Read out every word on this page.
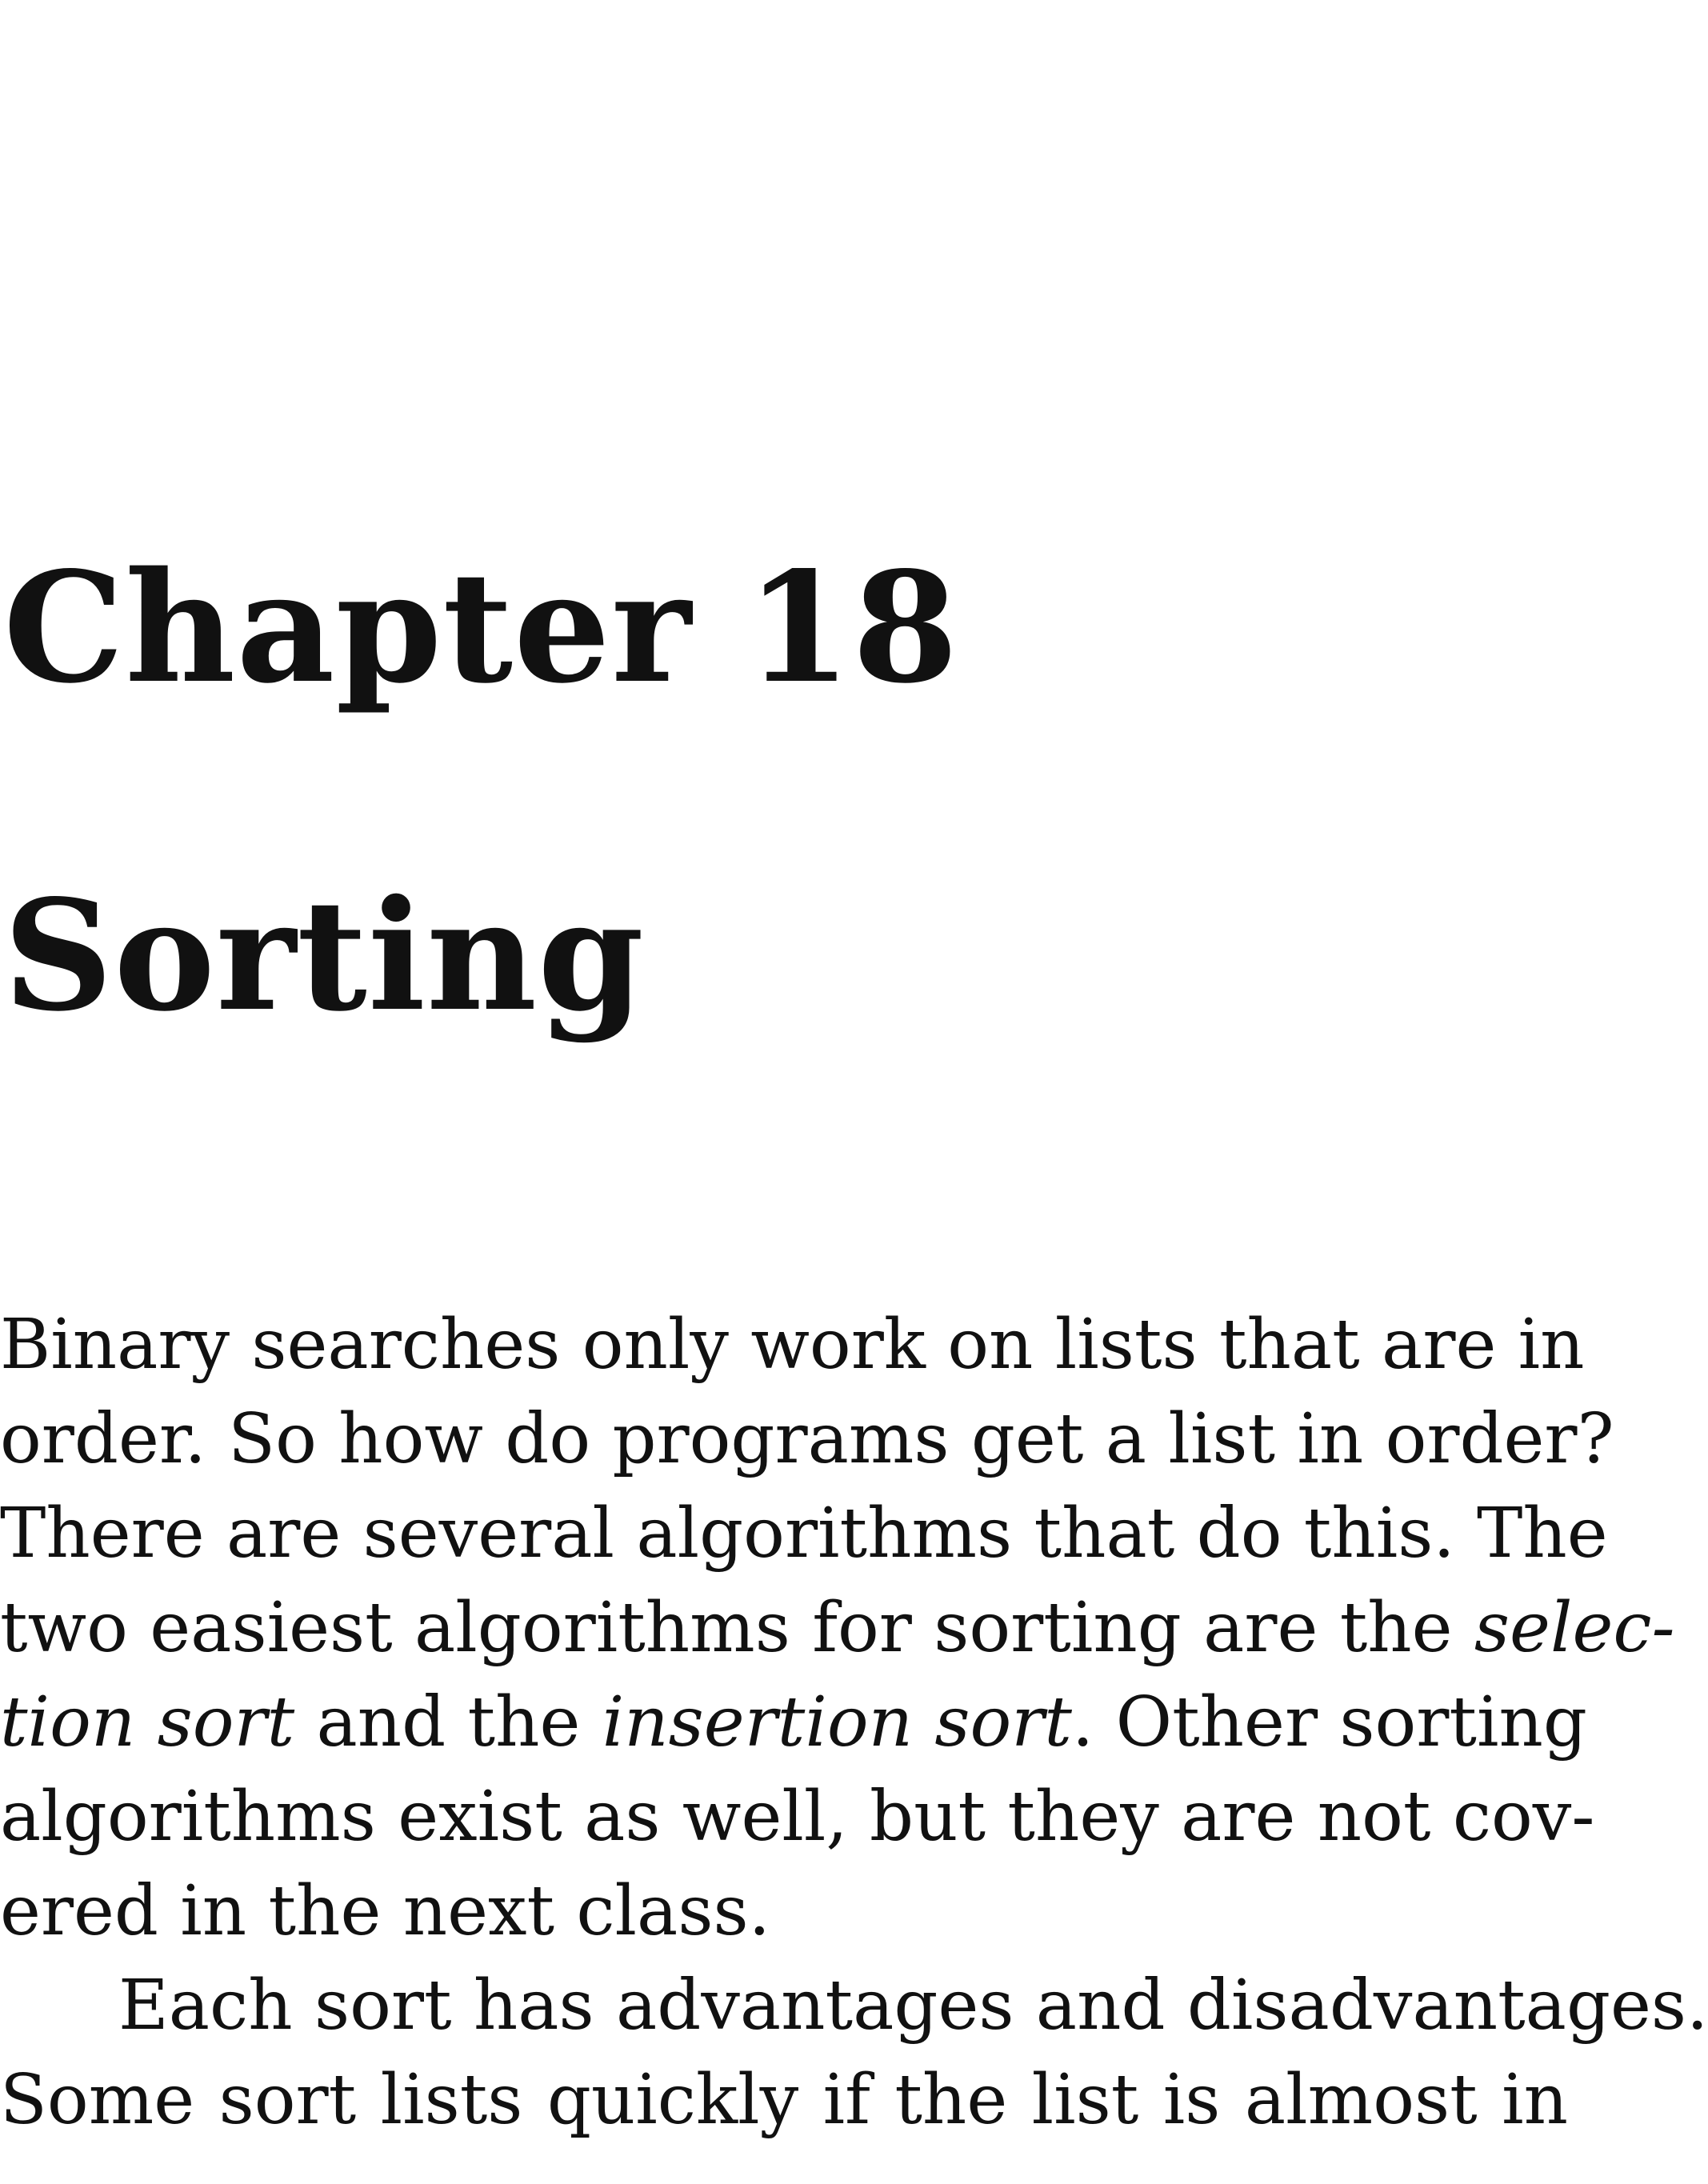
Chapter 18
Sorting
Binary searches only work on lists that are in
order. So how do programs get a list in order?
There are several algorithms that do this. The
two easiest algorithms for sorting are the selec-
tion sort and the insertion sort. Other sorting
algorithms exist as well, but they are not cov-
ered in the next class.
Each sort has advantages and disadvantages.
Some sort lists quickly if the list is almost in
